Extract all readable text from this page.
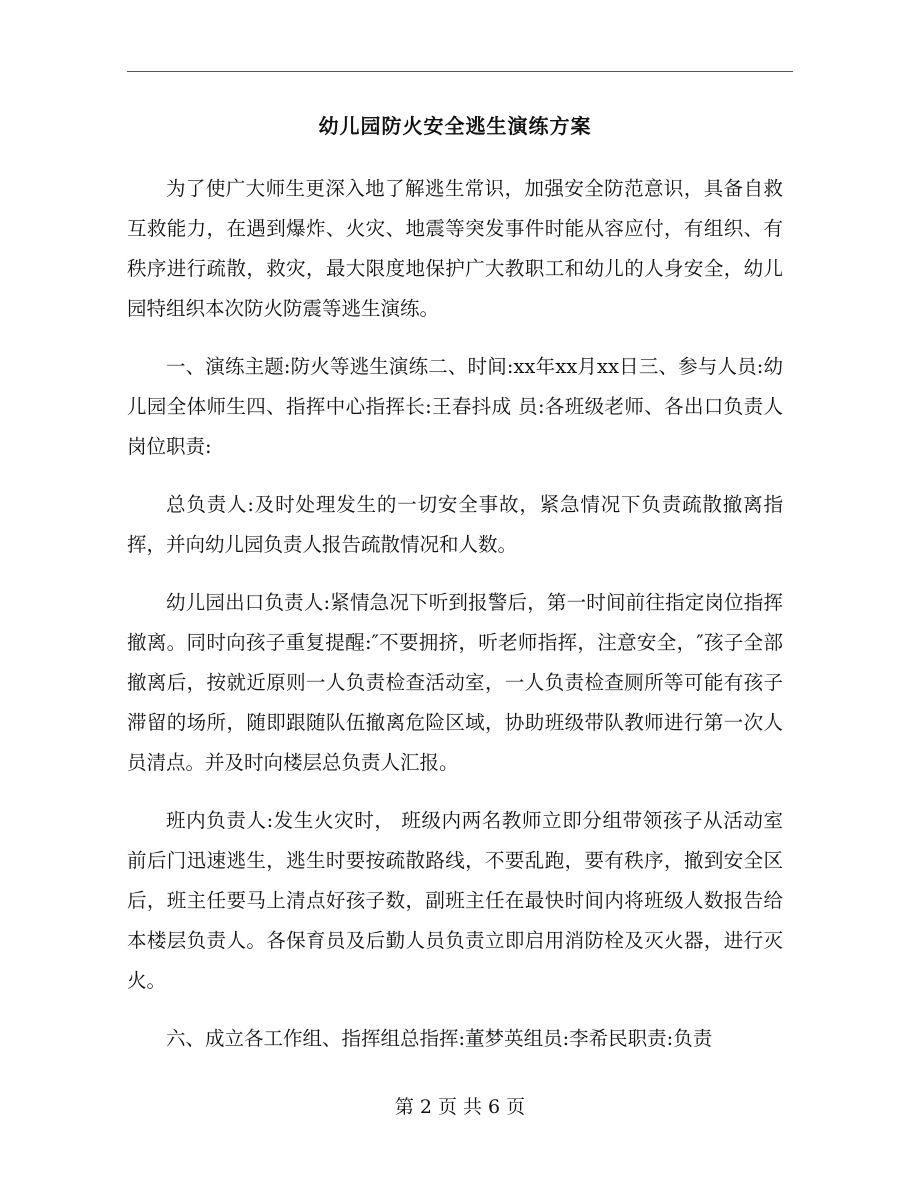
幼儿园防火安全逃生演练方案

为了使广大师生更深入地了解逃生常识，加强安全防范意识，具备自救互救能力，在遇到爆炸、火灾、地震等突发事件时能从容应付，有组织、有秩序进行疏散，救灾，最大限度地保护广大教职工和幼儿的人身安全，幼儿园特组织本次防火防震等逃生演练。

一、演练主题:防火等逃生演练二、时间:xx年xx月xx日三、参与人员:幼儿园全体师生四、指挥中心指挥长:王春抖成 员:各班级老师、各出口负责人岗位职责:

总负责人:及时处理发生的一切安全事故，紧急情况下负责疏散撤离指挥，并向幼儿园负责人报告疏散情况和人数。

幼儿园出口负责人:紧情急况下听到报警后，第一时间前往指定岗位指挥撤离。同时向孩子重复提醒:″不要拥挤，听老师指挥，注意安全，″孩子全部撤离后，按就近原则一人负责检查活动室，一人负责检查厕所等可能有孩子滞留的场所，随即跟随队伍撤离危险区域，协助班级带队教师进行第一次人员清点。并及时向楼层总负责人汇报。

班内负责人:发生火灾时， 班级内两名教师立即分组带领孩子从活动室前后门迅速逃生，逃生时要按疏散路线，不要乱跑，要有秩序，撤到安全区后，班主任要马上清点好孩子数，副班主任在最快时间内将班级人数报告给本楼层负责人。各保育员及后勤人员负责立即启用消防栓及灭火器，进行灭火。

六、成立各工作组、指挥组总指挥:董梦英组员:李希民职责:负责

第 2 页 共 6 页
